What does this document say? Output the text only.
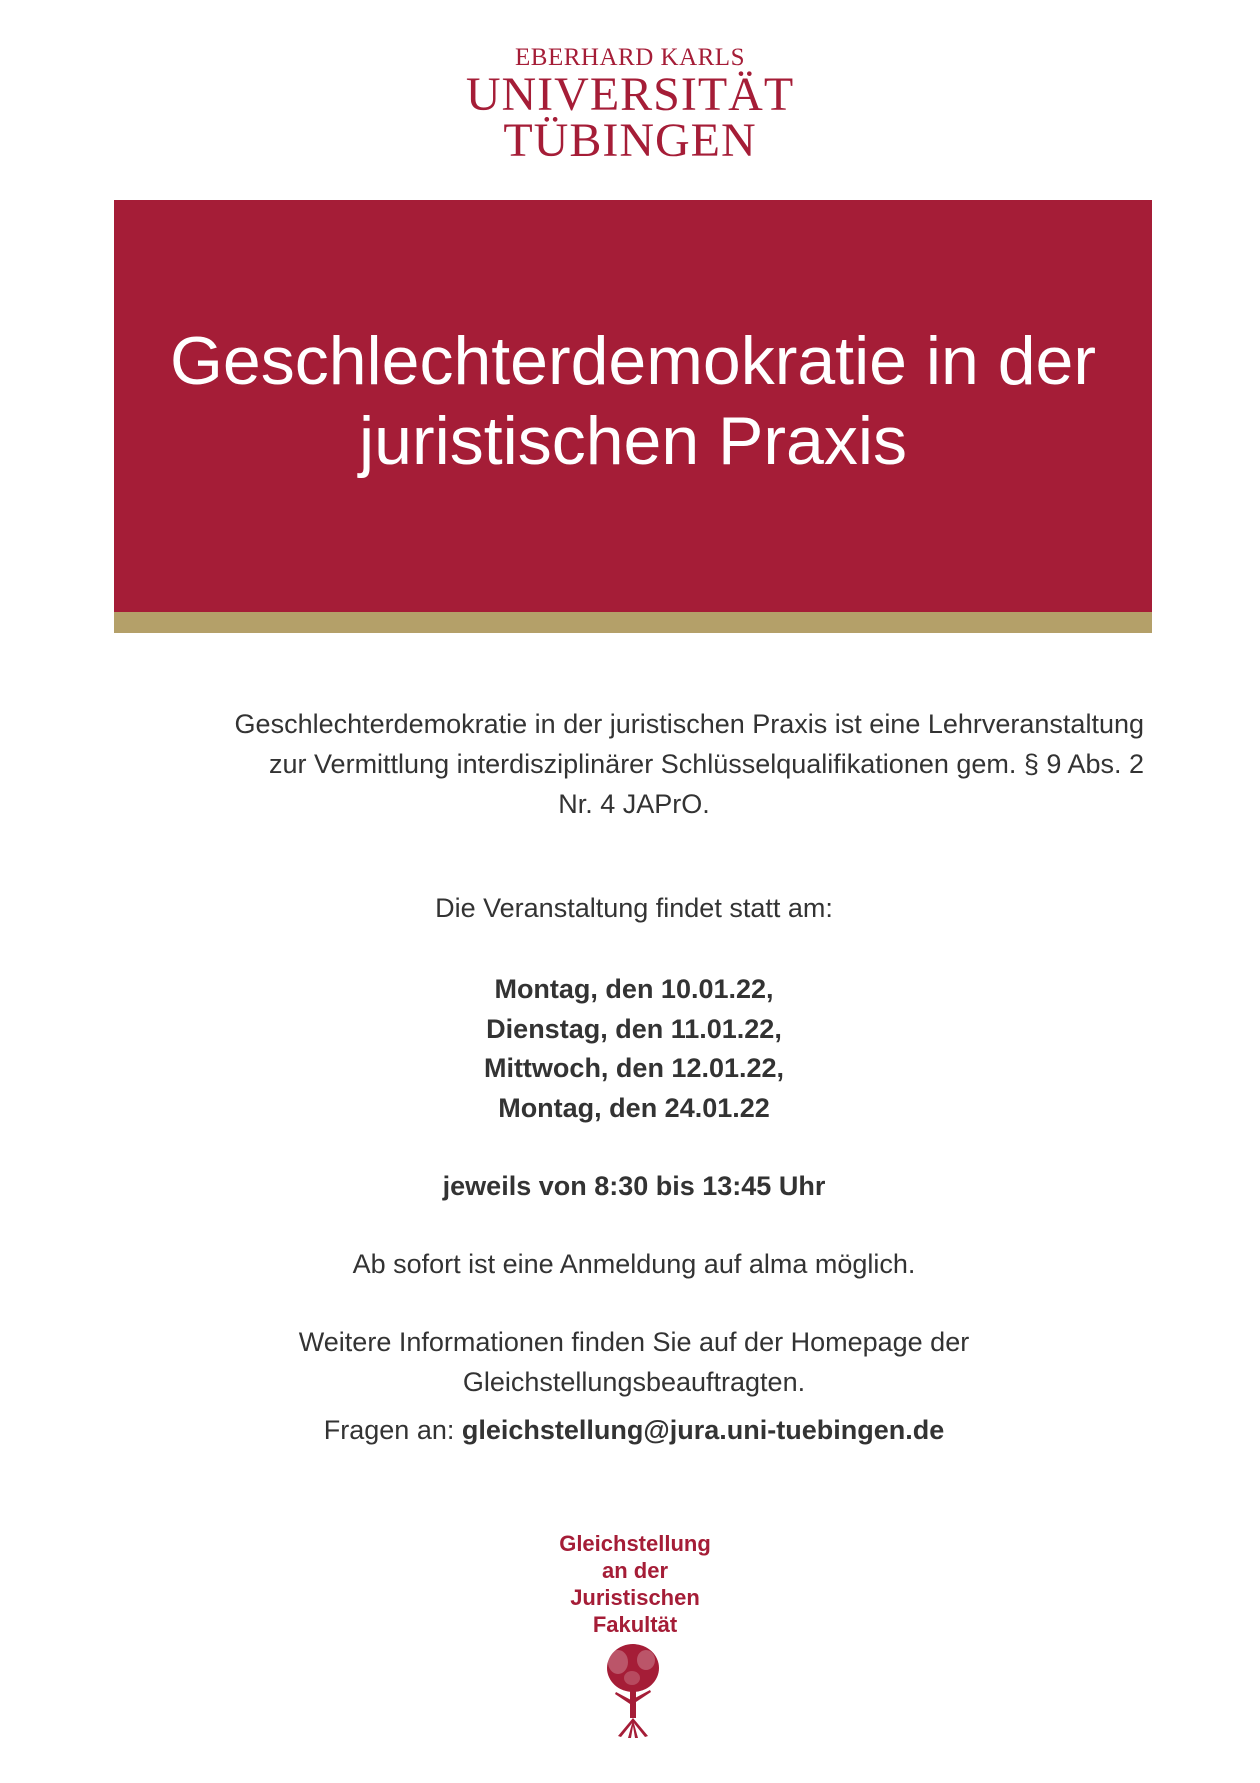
EBERHARD KARLS
UNIVERSITÄT
TÜBINGEN
Geschlechterdemokratie in der
juristischen Praxis
Geschlechterdemokratie in der juristischen Praxis ist eine Lehrveranstaltung
zur Vermittlung interdisziplinärer Schlüsselqualifikationen gem. § 9 Abs. 2
Nr. 4 JAPrO.
Die Veranstaltung findet statt am:
Montag, den 10.01.22,
Dienstag, den 11.01.22,
Mittwoch, den 12.01.22,
Montag, den 24.01.22
jeweils von 8:30 bis 13:45 Uhr
Ab sofort ist eine Anmeldung auf alma möglich.
Weitere Informationen finden Sie auf der Homepage der
Gleichstellungsbeauftragten.
Fragen an: gleichstellung@jura.uni-tuebingen.de
Gleichstellung
an der
Juristischen
Fakultät
